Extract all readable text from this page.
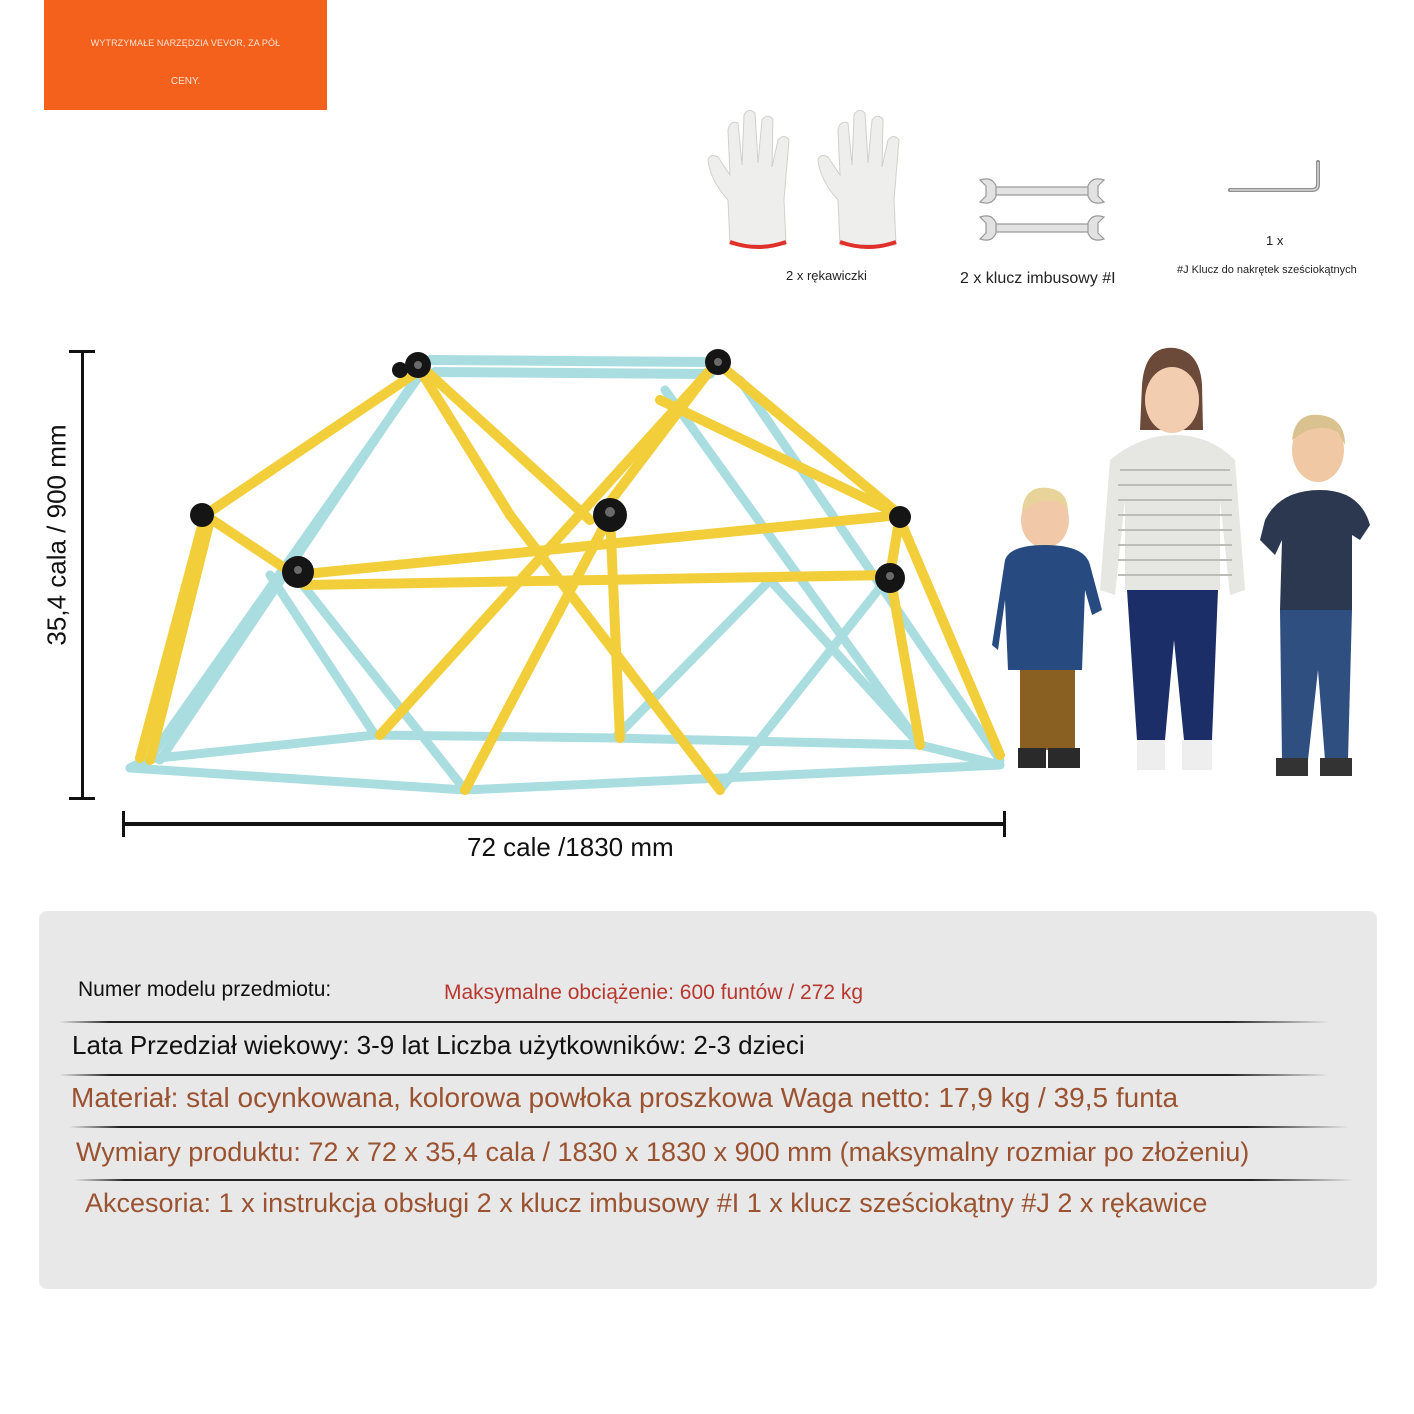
WYTRZYMAŁE NARZĘDZIA VEVOR, ZA PÓŁ
CENY.
2 x rękawiczki	2 x klucz imbusowy #I
1 x
#J Klucz do nakrętek sześciokątnych
35,4 cala / 900 mm
72 cale /1830 mm
Numer modelu przedmiotu:	Maksymalne obciążenie: 600 funtów / 272 kg
Lata Przedział wiekowy: 3-9 lat Liczba użytkowników: 2-3 dzieci
Materiał: stal ocynkowana, kolorowa powłoka proszkowa Waga netto: 17,9 kg / 39,5 funta
Wymiary produktu: 72 x 72 x 35,4 cala / 1830 x 1830 x 900 mm (maksymalny rozmiar po złożeniu)
Akcesoria: 1 x instrukcja obsługi 2 x klucz imbusowy #I 1 x klucz sześciokątny #J 2 x rękawice
